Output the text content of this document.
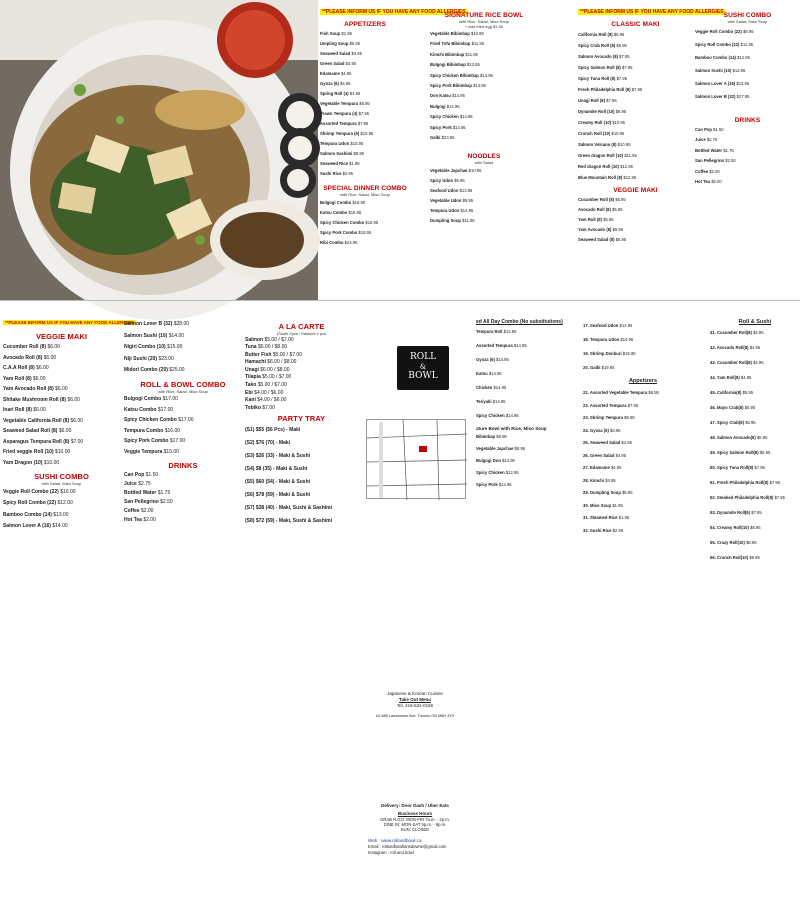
**PLEASE INFORM US IF YOU HAVE ANY FOOD ALLERGIES
APPETIZERS
Fish Soup $1.95
Umpling Soup $5.95
Seaweed Salad $4.95
Green Salad $4.95
Edamame $4.95
Gyoza (6) $4.95
Spring Roll (4) $4.95
Vegetable Tempura $6.95
Prawn Tempura (4) $7.95
Assorted Tempura $7.95
Shrimp Tempura (6) $10.95
Tempura Udon $10.95
Salmon Sashimi $9.95
Seaweed Rice $1.95
Sushi Rice $2.95
SPECIAL DINNER COMBO
with Rice, Salad, Miso Soup
Bulgogi Combo $16.95
Katsu Combo $16.95
Spicy Chicken Combo $16.95
Spicy Pork Combo $16.95
Ribi Combo $24.95
SIGNATURE RICE BOWL
with Rice, Salad, Miso Soup
+ Add fried egg $1.50
Vegetable Bibimbap $10.95
Fried Tofu Bibimbap $11.95
Kimchi Bibimbap $11.95
Bulgogi Bibimbap $13.95
Spicy Chicken Bibimbap $13.95
Spicy Pork Bibimbap $13.95
Don Katsu $14.95
Bulgogi $14.95
Spicy Chicken $14.95
Spicy Pork $14.95
Galbi $23.95
NOODLES
with Salad
Vegetable Japchae $10.95
Spicy Udon $5.95
Seafood Udon $13.95
Vegetable Udon $9.95
Tempura Udon $14.95
Dumpling Soup $11.95
**PLEASE INFORM US IF YOU HAVE ANY FOOD ALLERGIES
CLASSIC MAKI
California Roll (8) $5.95
Spicy Crab Roll (8) $5.95
Salmon Avocado (8) $7.95
Spicy Salmon Roll (8) $7.95
Spicy Tuna Roll (8) $7.95
Fresh Philadelphia Roll (8) $7.95
Unagi Roll (8) $7.95
Dynamite Roll (10) $9.95
Creamy Roll (10) $10.95
Crunch Roll (10) $10.95
Salmon Volcano (8) $10.95
Green dragon Roll (10) $11.95
Red dragon Roll (10) $12.95
Blue Mountain Roll (8) $12.95
VEGGIE MAKI
Cucumber Roll (8) $5.95
Avocado Roll (8) $5.95
Yam Roll (8) $5.95
Yam Avocado (8) $5.95
Seaweed Salad (8) $5.95
SUSHI COMBO
with Salad, Miso Soup
Veggie Roll Combo (22) $9.95
Spicy Roll Combo (22) $11.95
Bamboo Combo (14) $12.95
Salmon Sushi (10) $13.95
Salmon Lover A (16) $13.95
Salmon Lover B (32) $27.95
DRINKS
Can Pop $1.50
Juice $2.75
Bottled Water $1.75
San Pellegrino $2.50
Coffee $2.00
Hot Tea $2.00
**PLEASE INFORM US IF YOU HAVE ANY FOOD ALLERGIES
VEGGIE MAKI
Cucumber Roll (8) $6.00
Avocado Roll (8) $6.00
C.A.A Roll (8) $6.00
Yam Roll (8) $6.00
Yam Avocado Roll (8) $6.00
Shitake Mushroom Roll (8) $6.00
Inari Roll (8) $6.00
Vegetable California Roll (8) $6.00
Seaweed Salad Roll (8) $6.00
Asparagus Tempura Roll (8) $7.00
Fried veggie Roll (10) $10.00
Yam Dragon (10) $10.00
SUSHI COMBO
with Salad, Miso Soup
Veggie Roll Combo (22) $10.00
Spicy Roll Combo (22) $12.00
Bamboo Combo (14) $13.00
Salmon Lover A (16) $14.00
Salmon Lover B (32) $28.00
Salmon Sushi (10) $14.00
Nigiri Combo (10) $15.00
Niji Sushi (20) $23.00
Midori Combo (20) $25.00
ROLL & BOWL COMBO
with Rice, Salad, Miso Soup
Bulgogi Combo $17.00
Katsu Combo $17.00
Spicy Chicken Combo $17.00
Tempura Combo $16.00
Spicy Pork Combo $17.00
Veggie Tempura $15.00
DRINKS
Can Pop $1.50
Juice $2.75
Bottled Water $1.75
San Pellegrino $2.50
Coffee $2.00
Hot Tea $2.00
A LA CARTE
(Sushi 2pcs / Sashimi 4 pcs
Salmon $5.00 / $7.00
Tuna $6.00 / $8.00
Butter Fish $5.00 / $7.00
Hamachi $6.00 / $8.00
Unagi $6.00 / $8.00
Tilapia $5.00 / $7.00
Tako $5.00 / $7.00
Ebi $4.00 / $6.00
Kani $4.00 / $6.00
Tobiko $7.00
PARTY TRAY
(S1) $55 (56 Pcs) - Maki
(S2) $76 (70) - Maki
(S3) $26 (33) - Maki & Sushi
(S4) $8 (35) - Maki & Sushi
(S5) $60 (54) - Maki & Sushi
(S6) $78 (59) - Maki & Sushi
(S7) $38 (40) - Maki, Sushi & Sashimi
(S8) $72 (59) - Maki, Sushi & Sashimi
Japanese & Korean Cuisine
Take Out Menu
Tel. 416-531-0166
#2-685 Lansdowne Ave. Toronto ON M6H 3Y9
Delivery: Door Dash / Uber Eats
Business Hours
GRAB N GO: MON-FRI 7a.m. - 2p.m.
DINE IN: MON-SAT 5p.m. - 9p.m.
SUN: CLOSED
Web : www.rollandbowl.ca
Email : rollandbowllansdowne@gmail.com
Instagram : roll.and.bowl
ROLL
&
BOWL
ed All Day Combo (No substitutions)
Tempura Roll $13.95
Assorted Tempura $14.95
Gyoza (6) $14.95
Katsu $14.95
Chicken $14.95
Teriyaki $14.95
Spicy Chicken $14.95
ature Bowl with Rice, Miso Soup
Bibimbap $8.95
Vegetable Japchae $8.95
Bulgogi Don $12.95
Spicy Chicken $12.95
Spicy Pork $12.95
17. Seafood Udon $12.95
18. Tempura Udon $14.95
19. Shrimp Donburi $15.95
20. Galbi $19.95
Appetizers
22. Assorted Vegetable Tempura $6.95
23. Assorted Tempura $7.95
23. Shrimp Tempura $8.95
24. Gyoza (5) $4.95
25. Seaweed Salad $4.95
26. Green Salad $4.95
27. Edamame $4.95
28. Kimchi $4.95
29. Dumpling Soup $5.95
30. Miso Soup $1.95
31. Steamed Rice $1.95
32. Sushi Rice $2.95
Roll & Sushi
41. Cucumber Roll(8) $4.95
42. Avocado Roll(8) $4.95
43. Cucumber Roll(8) $4.95
44. Yam Roll(8) $4.95
45. California(8) $5.95
46. Mayo Crab(8) $5.95
47. Spicy Crab(8) $5.95
48. Salmon Avocado(8) $5.95
49. Spicy Salmon Roll(8) $5.95
50. Spicy Tuna Roll(8) $7.95
51. Fresh Philadelphia Roll(8) $7.95
52. Smoked Philadelphia Roll(8) $7.95
53. Dynamite Roll(8) $7.95
54. Creamy Roll(10) $8.95
55. Crazy Roll(10) $8.95
56. Crunch Roll(10) $8.95
